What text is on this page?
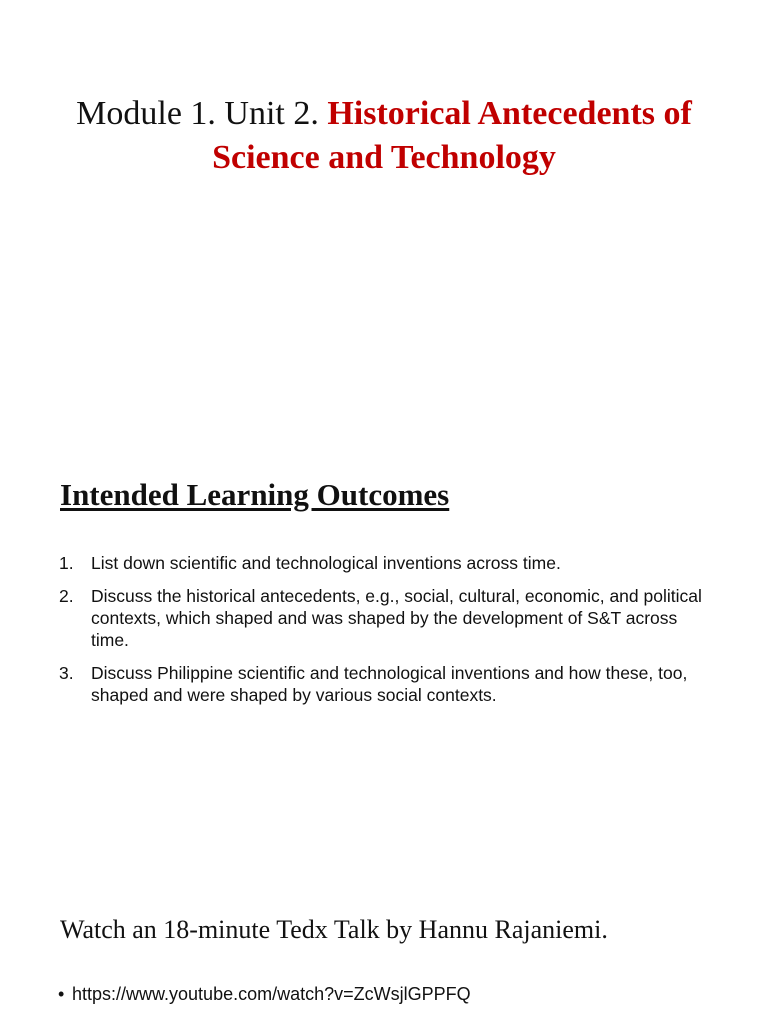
Module 1. Unit 2. Historical Antecedents of Science and Technology
Intended Learning Outcomes
1. List down scientific and technological inventions across time.
2. Discuss the historical antecedents, e.g., social, cultural, economic, and political contexts, which shaped and was shaped by the development of S&T across time.
3. Discuss Philippine scientific and technological inventions and how these, too, shaped and were shaped by various social contexts.
Watch an 18-minute Tedx Talk by Hannu Rajaniemi.
• https://www.youtube.com/watch?v=ZcWsjlGPPFQ
